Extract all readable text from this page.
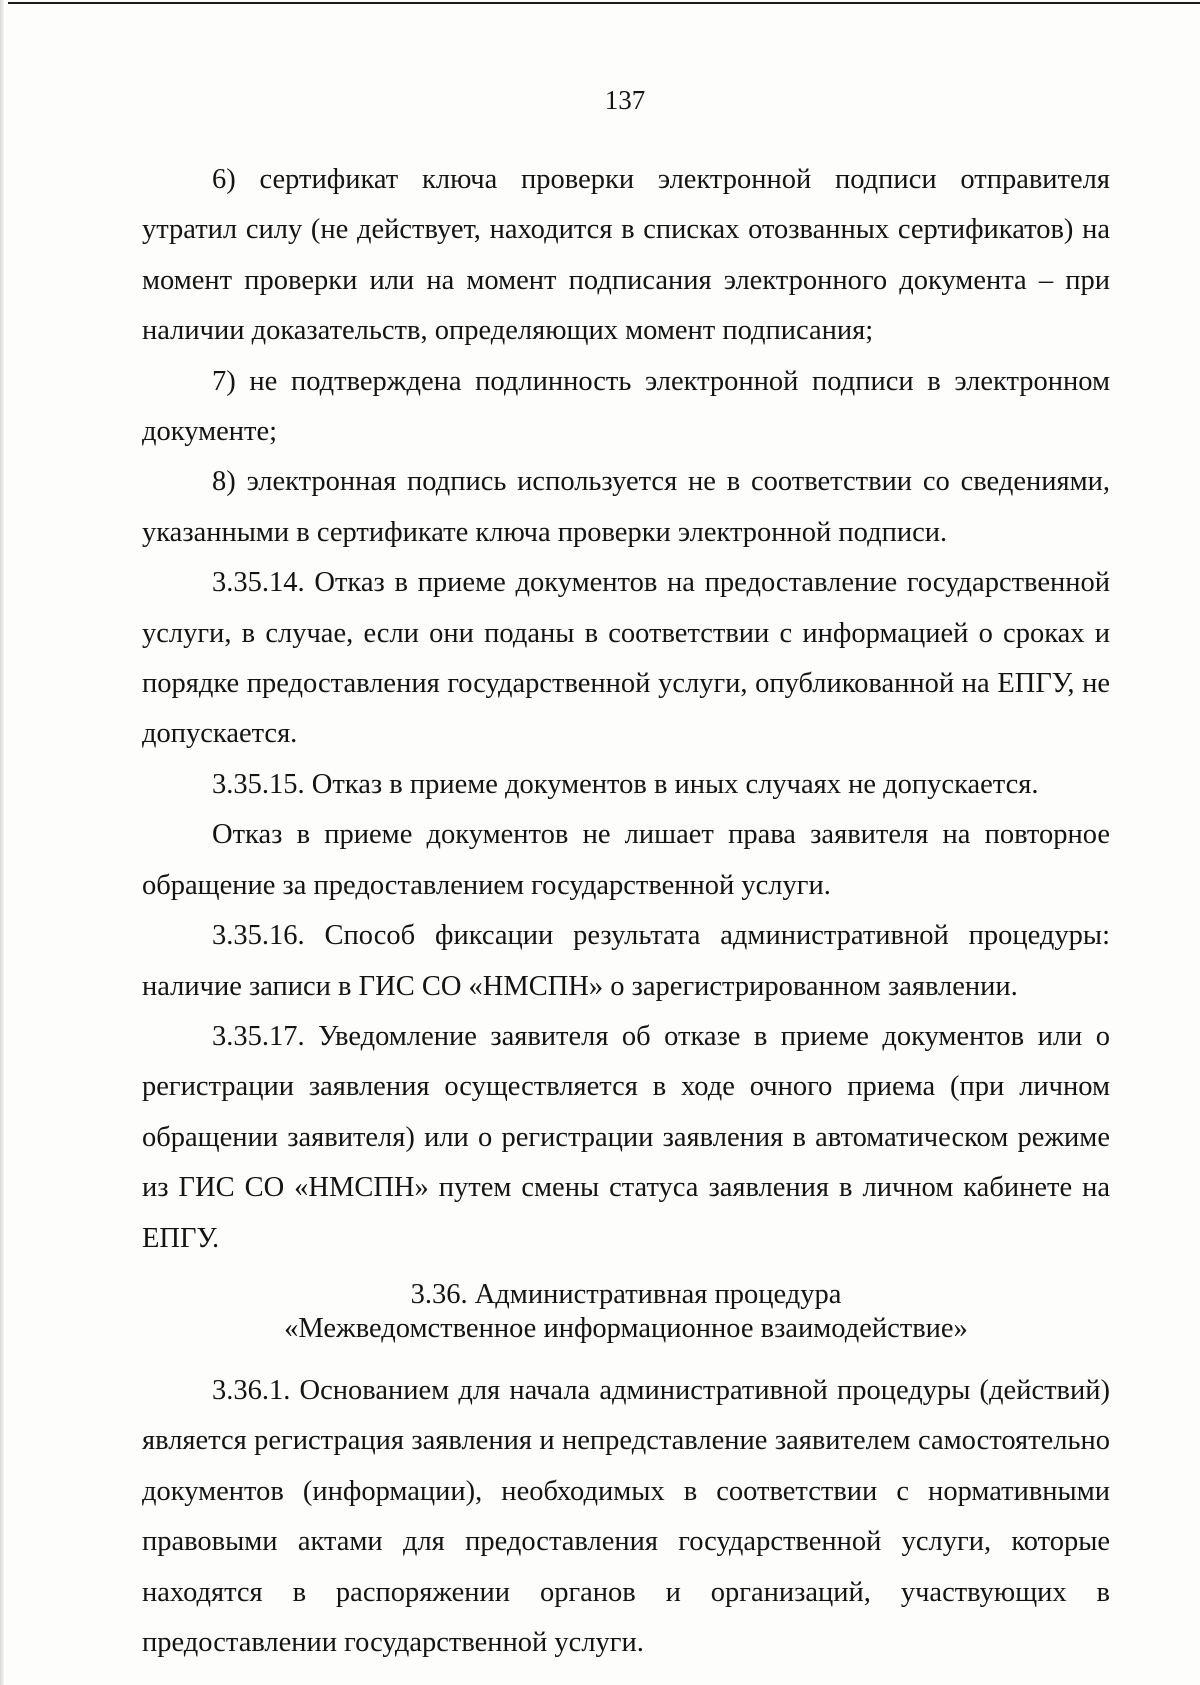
137

6) сертификат ключа проверки электронной подписи отправителя утратил силу (не действует, находится в списках отозванных сертификатов) на момент проверки или на момент подписания электронного документа – при наличии доказательств, определяющих момент подписания;

7) не подтверждена подлинность электронной подписи в электронном документе;

8) электронная подпись используется не в соответствии со сведениями, указанными в сертификате ключа проверки электронной подписи.

3.35.14. Отказ в приеме документов на предоставление государственной услуги, в случае, если они поданы в соответствии с информацией о сроках и порядке предоставления государственной услуги, опубликованной на ЕПГУ, не допускается.

3.35.15. Отказ в приеме документов в иных случаях не допускается.

Отказ в приеме документов не лишает права заявителя на повторное обращение за предоставлением государственной услуги.

3.35.16. Способ фиксации результата административной процедуры: наличие записи в ГИС СО «НМСПН» о зарегистрированном заявлении.

3.35.17. Уведомление заявителя об отказе в приеме документов или о регистрации заявления осуществляется в ходе очного приема (при личном обращении заявителя) или о регистрации заявления в автоматическом режиме из ГИС СО «НМСПН» путем смены статуса заявления в личном кабинете на ЕПГУ.

3.36. Административная процедура
«Межведомственное информационное взаимодействие»

3.36.1. Основанием для начала административной процедуры (действий) является регистрация заявления и непредставление заявителем самостоятельно документов (информации), необходимых в соответствии с нормативными правовыми актами для предоставления государственной услуги, которые находятся в распоряжении органов и организаций, участвующих в предоставлении государственной услуги.
